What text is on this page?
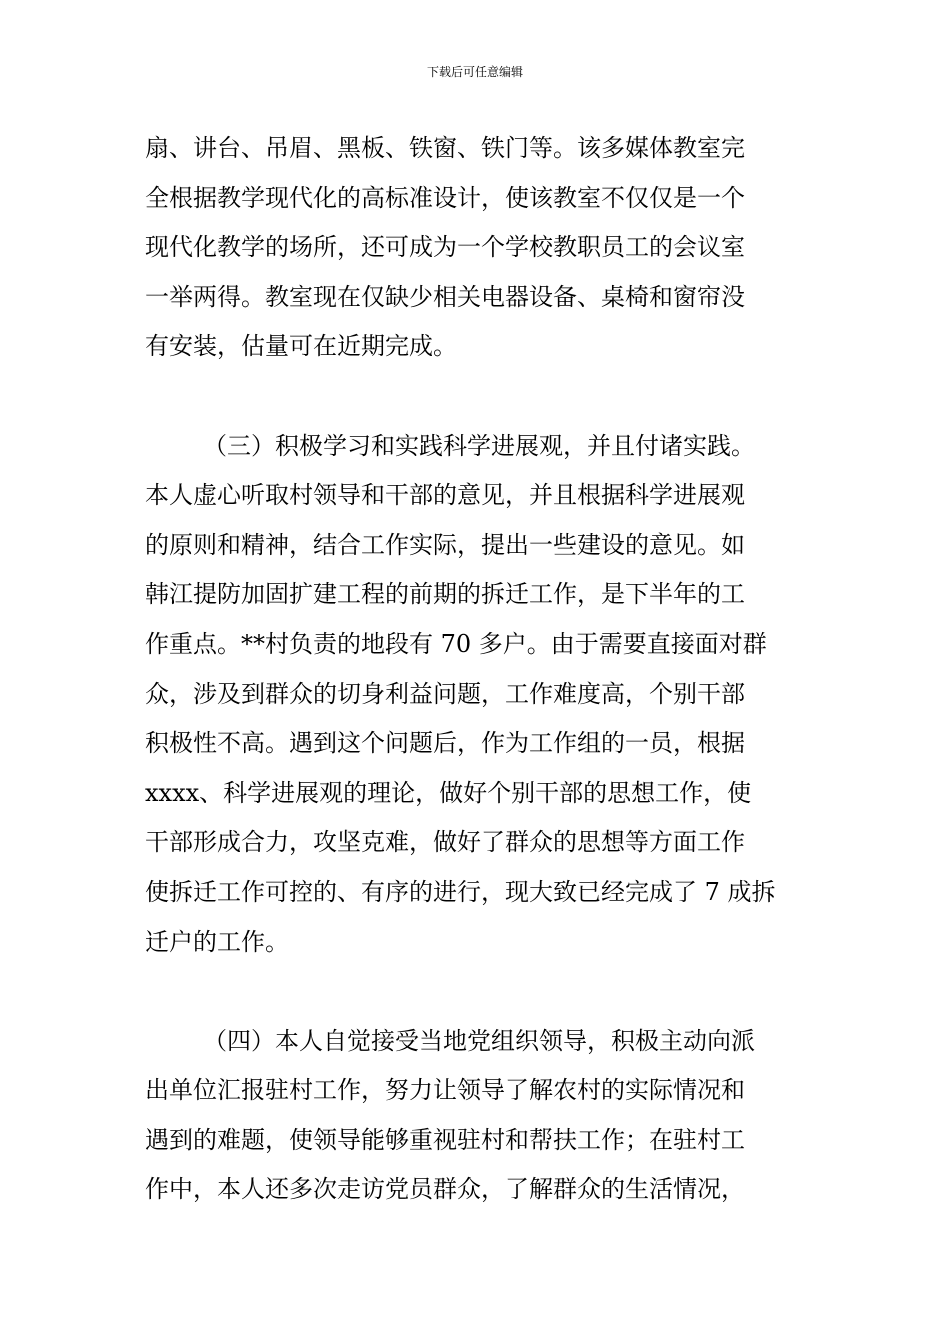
下载后可任意编辑
扇、讲台、吊眉、黑板、铁窗、铁门等。该多媒体教室完
全根据教学现代化的高标准设计，使该教室不仅仅是一个
现代化教学的场所，还可成为一个学校教职员工的会议室
一举两得。教室现在仅缺少相关电器设备、桌椅和窗帘没
有安装，估量可在近期完成。
（三）积极学习和实践科学进展观，并且付诸实践。
本人虚心听取村领导和干部的意见，并且根据科学进展观
的原则和精神，结合工作实际，提出一些建设的意见。如
韩江提防加固扩建工程的前期的拆迁工作，是下半年的工
作重点。**村负责的地段有 70 多户。由于需要直接面对群
众，涉及到群众的切身利益问题，工作难度高，个别干部
积极性不高。遇到这个问题后，作为工作组的一员，根据
xxxx、科学进展观的理论，做好个别干部的思想工作，使
干部形成合力，攻坚克难，做好了群众的思想等方面工作
使拆迁工作可控的、有序的进行，现大致已经完成了 7 成拆
迁户的工作。
（四）本人自觉接受当地党组织领导，积极主动向派
出单位汇报驻村工作，努力让领导了解农村的实际情况和
遇到的难题，使领导能够重视驻村和帮扶工作；在驻村工
作中，本人还多次走访党员群众，了解群众的生活情况，
